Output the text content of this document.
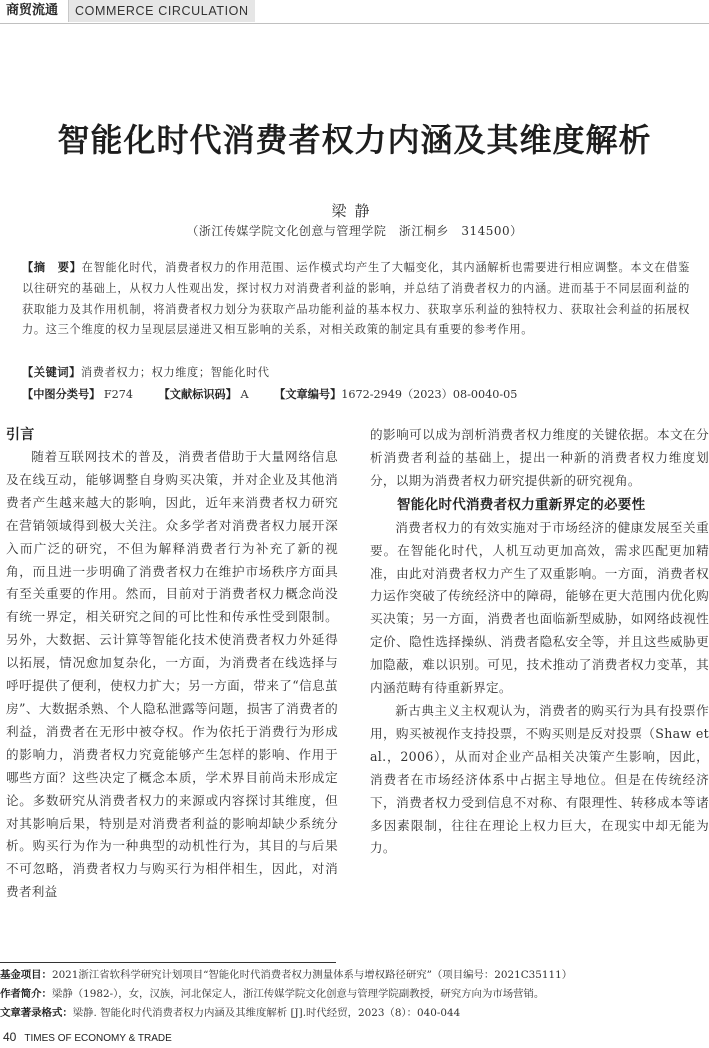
商贸流通	COMMERCE CIRCULATION
智能化时代消费者权力内涵及其维度解析
梁静
（浙江传媒学院文化创意与管理学院　浙江桐乡　314500）
【摘　要】在智能化时代，消费者权力的作用范围、运作模式均产生了大幅变化，其内涵解析也需要进行相应调整。本文在借鉴以往研究的基础上，从权力人性观出发，探讨权力对消费者利益的影响，并总结了消费者权力的内涵。进而基于不同层面利益的获取能力及其作用机制，将消费者权力划分为获取产品功能利益的基本权力、获取享乐利益的独特权力、获取社会利益的拓展权力。这三个维度的权力呈现层层递进又相互影响的关系，对相关政策的制定具有重要的参考作用。
【关键词】消费者权力；权力维度；智能化时代
【中图分类号】 F274 【文献标识码】 A 【文章编号】1672-2949（2023）08-0040-05

引言

随着互联网技术的普及，消费者借助于大量网络信息及在线互动，能够调整自身购买决策，并对企业及其他消费者产生越来越大的影响，因此，近年来消费者权力研究在营销领域得到极大关注。众多学者对消费者权力展开深入而广泛的研究，不但为解释消费者行为补充了新的视角，而且进一步明确了消费者权力在维护市场秩序方面具有至关重要的作用。然而，目前对于消费者权力概念尚没有统一界定，相关研究之间的可比性和传承性受到限制。另外，大数据、云计算等智能化技术使消费者权力外延得以拓展，情况愈加复杂化，一方面，为消费者在线选择与呼吁提供了便利，使权力扩大；另一方面，带来了“信息茧房”、大数据杀熟、个人隐私泄露等问题，损害了消费者的利益，消费者在无形中被夺权。作为依托于消费行为形成的影响力，消费者权力究竟能够产生怎样的影响、作用于哪些方面？这些决定了概念本质，学术界目前尚未形成定论。多数研究从消费者权力的来源或内容探讨其维度，但对其影响后果，特别是对消费者利益的影响却缺少系统分析。购买行为作为一种典型的动机性行为，其目的与后果不可忽略，消费者权力与购买行为相伴相生，因此，对消费者利益

的影响可以成为剖析消费者权力维度的关键依据。本文在分析消费者利益的基础上，提出一种新的消费者权力维度划分，以期为消费者权力研究提供新的研究视角。

智能化时代消费者权力重新界定的必要性

消费者权力的有效实施对于市场经济的健康发展至关重要。在智能化时代，人机互动更加高效，需求匹配更加精准，由此对消费者权力产生了双重影响。一方面，消费者权力运作突破了传统经济中的障碍，能够在更大范围内优化购买决策；另一方面，消费者也面临新型威胁，如网络歧视性定价、隐性选择操纵、消费者隐私安全等，并且这些威胁更加隐蔽，难以识别。可见，技术推动了消费者权力变革，其内涵范畴有待重新界定。

新古典主义主权观认为，消费者的购买行为具有投票作用，购买被视作支持投票，不购买则是反对投票（Shaw et al.，2006），从而对企业产品相关决策产生影响，因此，消费者在市场经济体系中占据主导地位。但是在传统经济下，消费者权力受到信息不对称、有限理性、转移成本等诸多因素限制，往往在理论上权力巨大，在现实中却无能为力。

基金项目：2021浙江省软科学研究计划项目“智能化时代消费者权力测量体系与增权路径研究”（项目编号：2021C35111）
作者简介：梁静（1982-），女，汉族，河北保定人，浙江传媒学院文化创意与管理学院副教授，研究方向为市场营销。
文章著录格式：梁静. 智能化时代消费者权力内涵及其维度解析 [J].时代经贸，2023（8）：040-044
40 TIMES OF ECONOMY & TRADE
